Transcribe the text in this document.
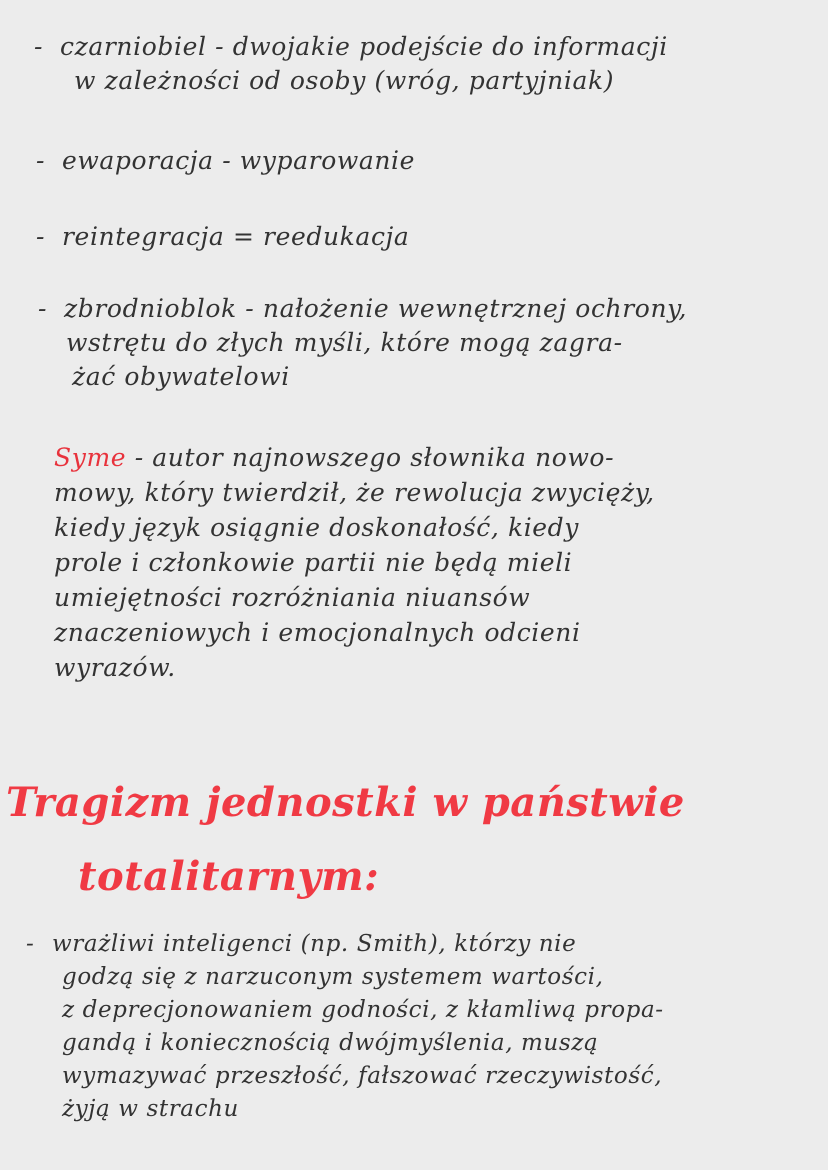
- czarniobiel - dwojakie podejście do informacji
w zależności od osoby (wróg, partyjniak)
- ewaporacja - wyparowanie
- reintegracja = reedukacja
- zbrodnioblok - nałożenie wewnętrznej ochrony,
wstrętu do złych myśli, które mogą zagra-
żać obywatelowi
Syme - autor najnowszego słownika nowo-
mowy, który twierdził, że rewolucja zwycięży,
kiedy język osiągnie doskonałość, kiedy
prole i członkowie partii nie będą mieli
umiejętności rozróżniania niuansów
znaczeniowych i emocjonalnych odcieni
wyrazów.
Tragizm jednostki w państwie
totalitarnym:
- wrażliwi inteligenci (np. Smith), którzy nie
godzą się z narzuconym systemem wartości,
z deprecjonowaniem godności, z kłamliwą propa-
gandą i koniecznością dwójmyślenia, muszą
wymazywać przeszłość, fałszować rzeczywistość,
żyją w strachu
